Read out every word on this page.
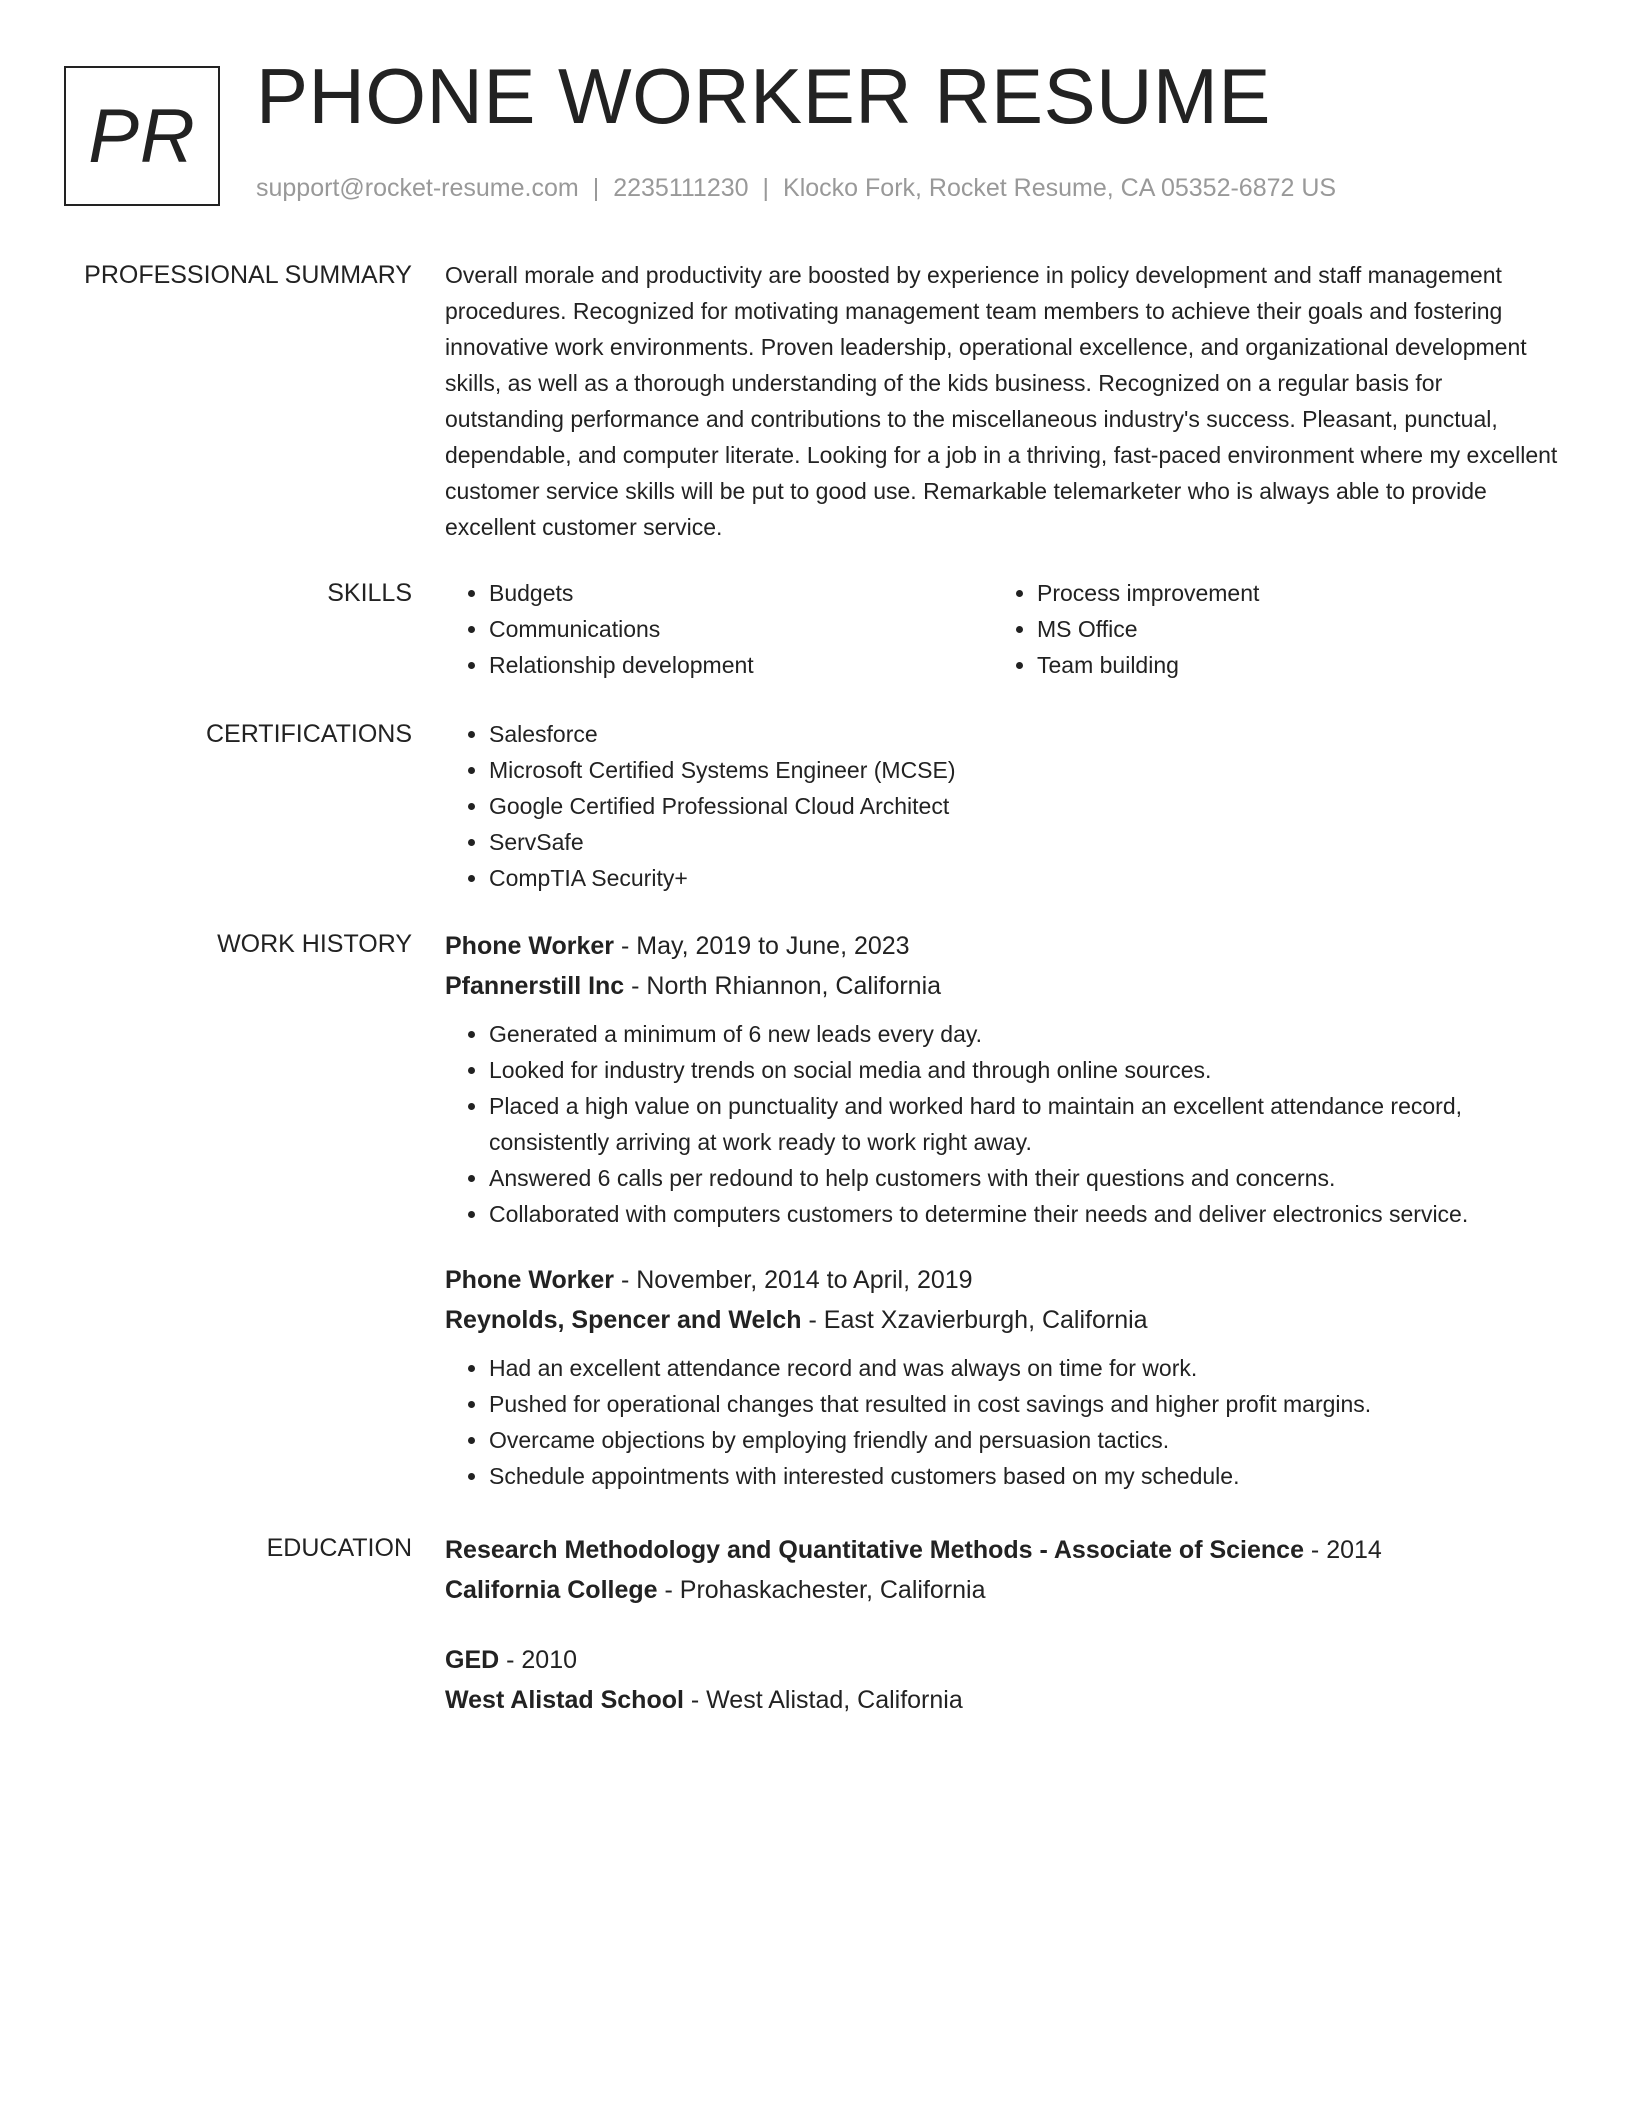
PR PHONE WORKER RESUME
support@rocket-resume.com | 2235111230 | Klocko Fork, Rocket Resume, CA 05352-6872 US
PROFESSIONAL SUMMARY Overall morale and productivity are boosted by experience in policy development and staff management procedures. Recognized for motivating management team members to achieve their goals and fostering innovative work environments. Proven leadership, operational excellence, and organizational development skills, as well as a thorough understanding of the kids business. Recognized on a regular basis for outstanding performance and contributions to the miscellaneous industry's success. Pleasant, punctual, dependable, and computer literate. Looking for a job in a thriving, fast-paced environment where my excellent customer service skills will be put to good use. Remarkable telemarketer who is always able to provide excellent customer service.

SKILLS	• Budgets
• Communications
• Relationship development
• Process improvement
• MS Office
• Team building
CERTIFICATIONS	• Salesforce
• Microsoft Certified Systems Engineer (MCSE)
• Google Certified Professional Cloud Architect
• ServSafe
• CompTIA Security+
WORK HISTORY Phone Worker - May, 2019 to June, 2023
Pfannerstill Inc - North Rhiannon, California
• Generated a minimum of 6 new leads every day.
• Looked for industry trends on social media and through online sources.
• Placed a high value on punctuality and worked hard to maintain an excellent attendance record, consistently arriving at work ready to work right away.
• Answered 6 calls per redound to help customers with their questions and concerns.
• Collaborated with computers customers to determine their needs and deliver electronics service.
Phone Worker - November, 2014 to April, 2019
Reynolds, Spencer and Welch - East Xzavierburgh, California
• Had an excellent attendance record and was always on time for work.
• Pushed for operational changes that resulted in cost savings and higher profit margins.
• Overcame objections by employing friendly and persuasion tactics.
• Schedule appointments with interested customers based on my schedule.
EDUCATION Research Methodology and Quantitative Methods - Associate of Science - 2014
California College - Prohaskachester, California
GED - 2010
West Alistad School - West Alistad, California
